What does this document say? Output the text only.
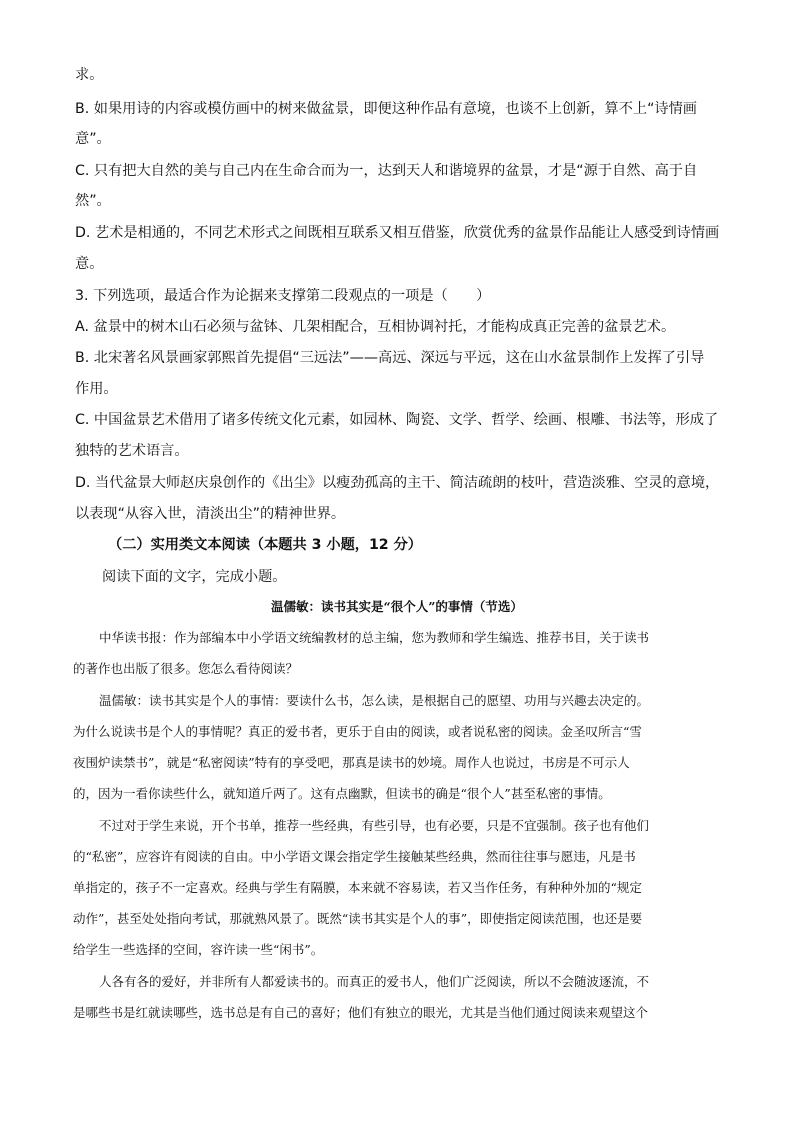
求。
B. 如果用诗的内容或模仿画中的树来做盆景，即便这种作品有意境，也谈不上创新，算不上“诗情画
意”。
C. 只有把大自然的美与自己内在生命合而为一，达到天人和谐境界的盆景，才是“源于自然、高于自
然”。
D. 艺术是相通的，不同艺术形式之间既相互联系又相互借鉴，欣赏优秀的盆景作品能让人感受到诗情画
意。
3. 下列选项，最适合作为论据来支撑第二段观点的一项是（　　）
A. 盆景中的树木山石必须与盆钵、几架相配合，互相协调衬托，才能构成真正完善的盆景艺术。
B. 北宋著名风景画家郭熙首先提倡“三远法”——高远、深远与平远，这在山水盆景制作上发挥了引导
作用。
C. 中国盆景艺术借用了诸多传统文化元素，如园林、陶瓷、文学、哲学、绘画、根雕、书法等，形成了
独特的艺术语言。
D. 当代盆景大师赵庆泉创作的《出尘》以瘦劲孤高的主干、简洁疏朗的枝叶，营造淡雅、空灵的意境，
以表现“从容入世，清淡出尘”的精神世界。
（二）实用类文本阅读（本题共 3 小题，12 分）
阅读下面的文字，完成小题。
温儒敏：读书其实是“很个人”的事情（节选）
中华读书报：作为部编本中小学语文统编教材的总主编，您为教师和学生编选、推荐书目，关于读书
的著作也出版了很多。您怎么看待阅读？
温儒敏：读书其实是个人的事情：要读什么书，怎么读，是根据自己的愿望、功用与兴趣去决定的。
为什么说读书是个人的事情呢？真正的爱书者，更乐于自由的阅读，或者说私密的阅读。金圣叹所言“雪
夜围炉读禁书”，就是“私密阅读”特有的享受吧，那真是读书的妙境。周作人也说过，书房是不可示人
的，因为一看你读些什么，就知道斤两了。这有点幽默，但读书的确是“很个人”甚至私密的事情。
不过对于学生来说，开个书单，推荐一些经典，有些引导，也有必要，只是不宜强制。孩子也有他们
的“私密”，应容许有阅读的自由。中小学语文课会指定学生接触某些经典，然而往往事与愿违，凡是书
单指定的，孩子不一定喜欢。经典与学生有隔膜，本来就不容易读，若又当作任务，有种种外加的“规定
动作”，甚至处处指向考试，那就熟风景了。既然“读书其实是个人的事”，即使指定阅读范围，也还是要
给学生一些选择的空间，容许读一些“闲书”。
人各有各的爱好，并非所有人都爱读书的。而真正的爱书人，他们广泛阅读，所以不会随波逐流，不
是哪些书是红就读哪些，选书总是有自己的喜好；他们有独立的眼光，尤其是当他们通过阅读来观望这个
